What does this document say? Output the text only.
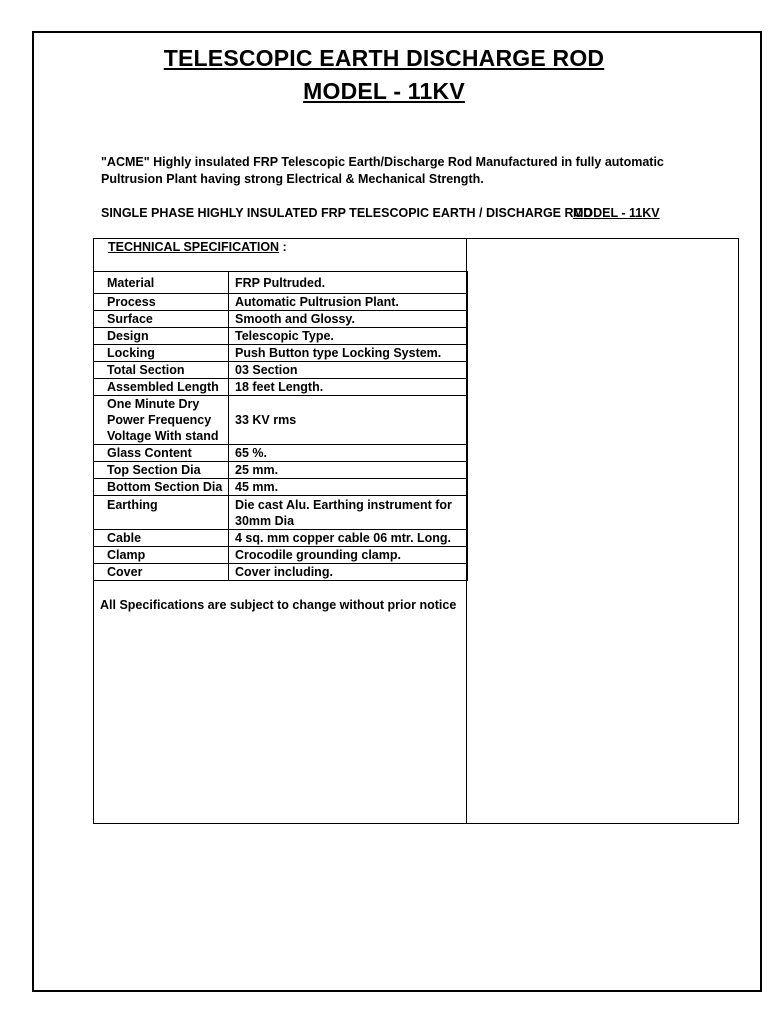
TELESCOPIC EARTH DISCHARGE ROD
MODEL - 11KV
"ACME" Highly insulated FRP Telescopic Earth/Discharge Rod Manufactured in fully automatic Pultrusion Plant having strong Electrical & Mechanical Strength.
SINGLE PHASE HIGHLY INSULATED FRP TELESCOPIC EARTH / DISCHARGE ROD
MODEL - 11KV
TECHNICAL SPECIFICATION :
Material	FRP Pultruded.
Process	Automatic Pultrusion Plant.
Surface	Smooth and Glossy.
Design	Telescopic Type.
Locking	Push Button type Locking System.
Total Section	03 Section
Assembled Length	18 feet Length.

One Minute Dry
Power Frequency
Voltage With stand	33 KV rms
Glass Content	65 %.
Top Section Dia	25 mm.
Bottom Section Dia	45 mm.
Earthing	Die cast Alu. Earthing instrument for
30mm Dia

Cable	4 sq. mm copper cable 06 mtr. Long.
Clamp	Crocodile grounding clamp.
Cover	Cover including.
All Specifications are subject to change without prior notice
